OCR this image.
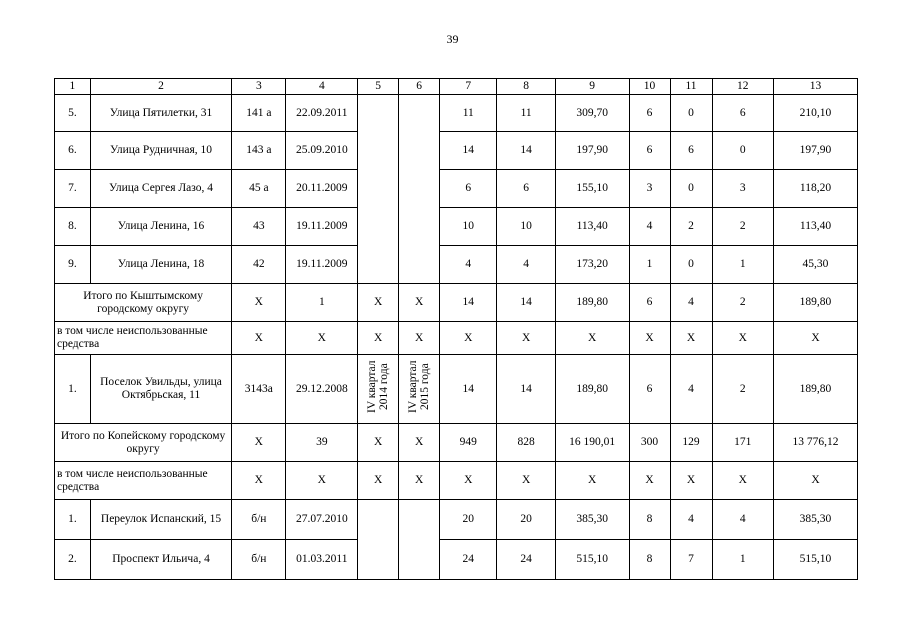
39
1	2	3	4	5	6	7	8	9	10	11	12	13
5.	Улица Пятилетки, 31	141 а	22.09.2011			11	11	309,70	6	0	6	210,10
6.	Улица Рудничная, 10	143 а	25.09.2010			14	14	197,90	6	6	0	197,90
7.	Улица Сергея Лазо, 4	45 а	20.11.2009			6	6	155,10	3	0	3	118,20
8.	Улица Ленина, 16	43	19.11.2009			10	10	113,40	4	2	2	113,40
9.	Улица Ленина, 18	42	19.11.2009			4	4	173,20	1	0	1	45,30
Итого по Кыштымскому городскому округу		Х	1	Х	Х	14	14	189,80	6	4	2	189,80
в том числе неиспользованные средства		Х	Х	Х	Х	Х	Х	Х	Х	Х	Х	Х
1.	Поселок Увильды, улица Октябрьская, 11	3143а	29.12.2008	IV квартал 2014 года	IV квартал 2015 года	14	14	189,80	6	4	2	189,80
Итого по Копейскому городскому округу		Х	39	Х	Х	949	828	16 190,01	300	129	171	13 776,12
в том числе неиспользованные средства		Х	Х	Х	Х	Х	Х	Х	Х	Х	Х	Х
1.	Переулок Испанский, 15	б/н	27.07.2010			20	20	385,30	8	4	4	385,30
2.	Проспект Ильича, 4	б/н	01.03.2011			24	24	515,10	8	7	1	515,10
